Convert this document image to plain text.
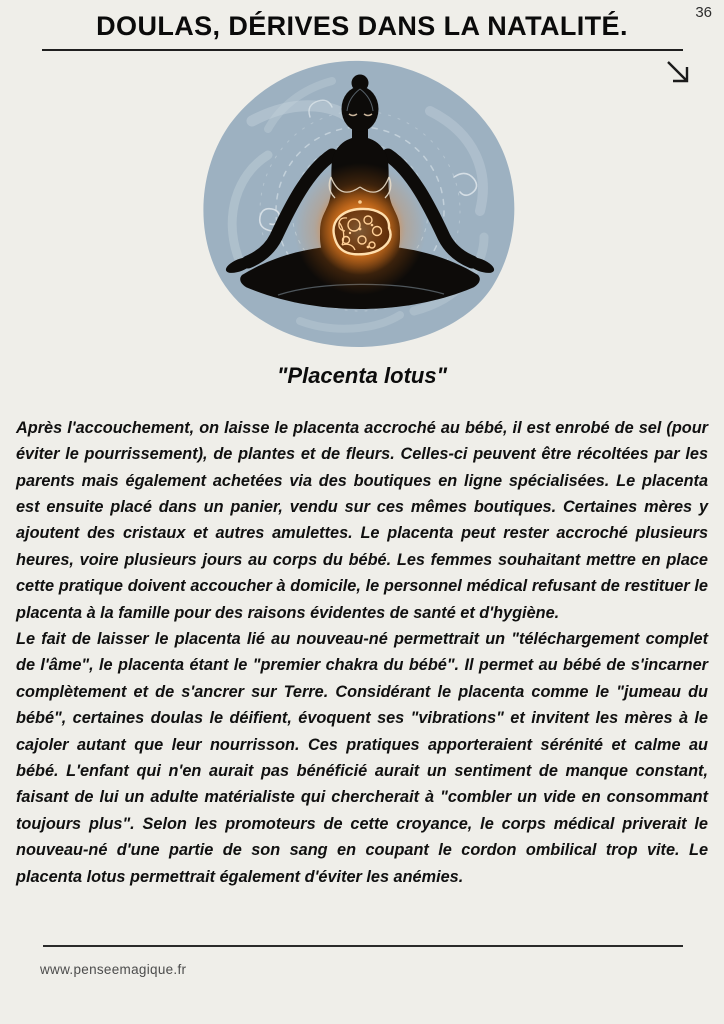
36
DOULAS, DÉRIVES DANS LA NATALITÉ.
"Placenta lotus"

Après l'accouchement, on laisse le placenta accroché au bébé, il est enrobé de sel (pour éviter le pourrissement), de plantes et de fleurs. Celles-ci peuvent être récoltées par les parents mais également achetées via des boutiques en ligne spécialisées. Le placenta est ensuite placé dans un panier, vendu sur ces mêmes boutiques. Certaines mères y ajoutent des cristaux et autres amulettes. Le placenta peut rester accroché plusieurs heures, voire plusieurs jours au corps du bébé. Les femmes souhaitant mettre en place cette pratique doivent accoucher à domicile, le personnel médical refusant de restituer le placenta à la famille pour des raisons évidentes de santé et d'hygiène.

Le fait de laisser le placenta lié au nouveau-né permettrait un "téléchargement complet de l'âme", le placenta étant le "premier chakra du bébé". Il permet au bébé de s'incarner complètement et de s'ancrer sur Terre. Considérant le placenta comme le "jumeau du bébé", certaines doulas le déifient, évoquent ses "vibrations" et invitent les mères à le cajoler autant que leur nourrisson. Ces pratiques apporteraient sérénité et calme au bébé. L'enfant qui n'en aurait pas bénéficié aurait un sentiment de manque constant, faisant de lui un adulte matérialiste qui chercherait à "combler un vide en consommant toujours plus". Selon les promoteurs de cette croyance, le corps médical priverait le nouveau-né d'une partie de son sang en coupant le cordon ombilical trop vite. Le placenta lotus permettrait également d'éviter les anémies.

www.penseemagique.fr
